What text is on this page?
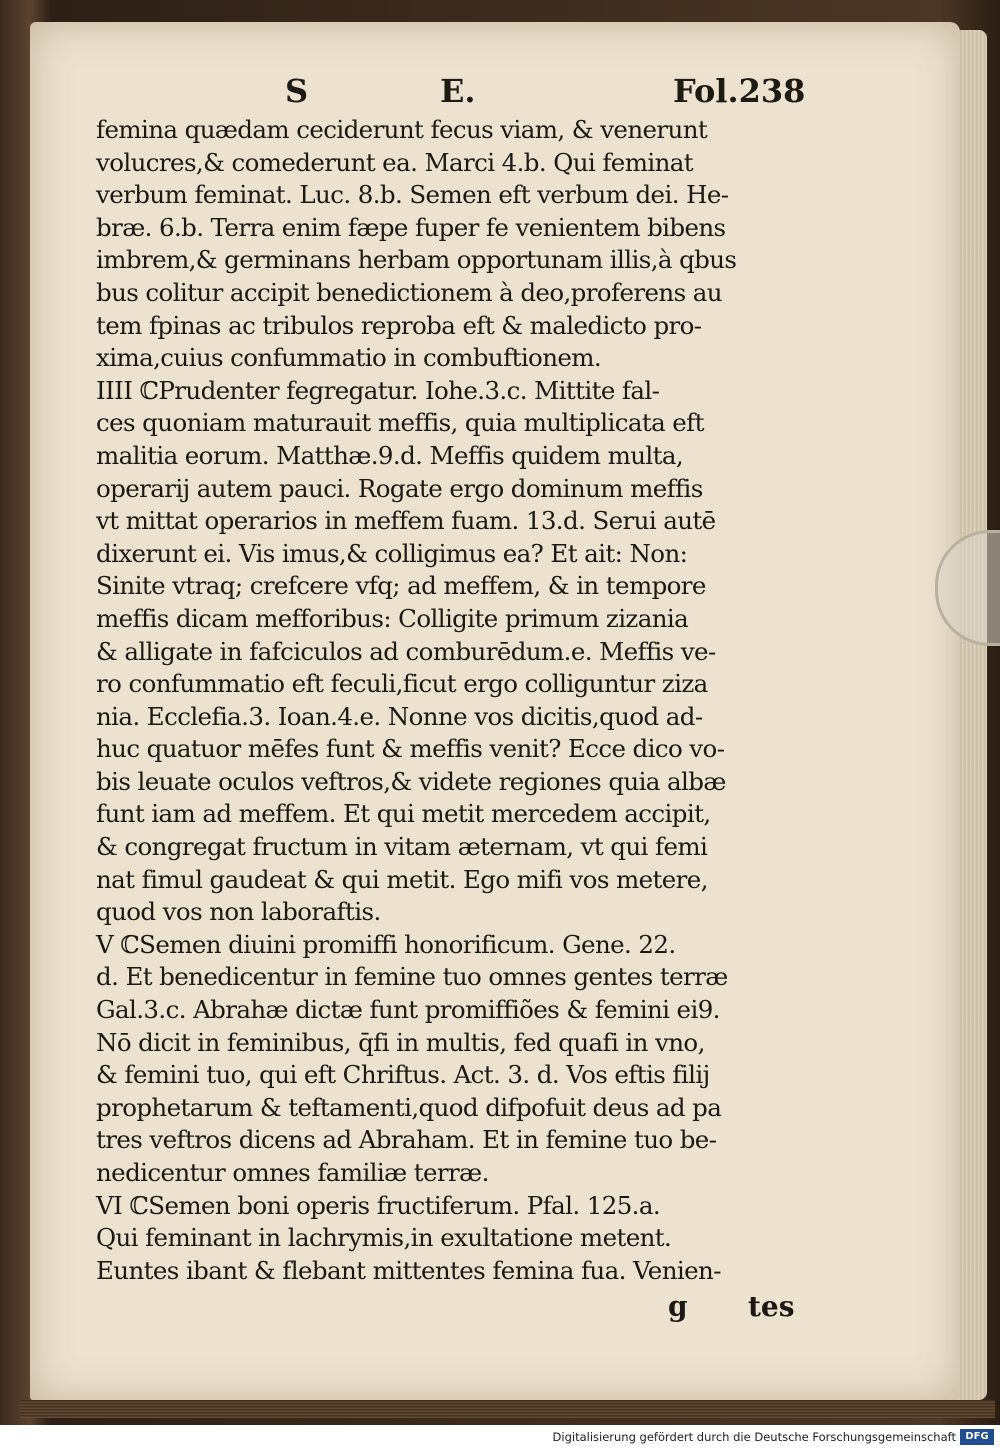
S	E.	Fol.238
femina quædam ceciderunt fecus viam, & venerunt
volucres,& comederunt ea. Marci 4.b. Qui feminat
verbum feminat. Luc. 8.b. Semen eft verbum dei. He-
bræ. 6.b. Terra enim fæpe fuper fe venientem bibens
imbrem,& germinans herbam opportunam illis,à qbus
bus colitur accipit benedictionem à deo,proferens au
tem fpinas ac tribulos reproba eft & maledicto pro-
xima,cuius confummatio in combuftionem.
IIII ℂPrudenter fegregatur. Iohe.3.c. Mittite fal-
ces quoniam maturauit meffis, quia multiplicata eft
malitia eorum. Matthæ.9.d. Meffis quidem multa,
operarij autem pauci. Rogate ergo dominum meffis
vt mittat operarios in meffem fuam. 13.d. Serui autē
dixerunt ei. Vis imus,& colligimus ea? Et ait: Non:
Sinite vtraq; crefcere vfq; ad meffem, & in tempore
meffis dicam mefforibus: Colligite primum zizania
& alligate in fafciculos ad comburēdum.e. Meffis ve-
ro confummatio eft feculi,ficut ergo colliguntur ziza
nia. Ecclefia.3. Ioan.4.e. Nonne vos dicitis,quod ad-
huc quatuor mēfes funt & meffis venit? Ecce dico vo-
bis leuate oculos veftros,& videte regiones quia albæ
funt iam ad meffem. Et qui metit mercedem accipit,
& congregat fructum in vitam æternam, vt qui femi
nat fimul gaudeat & qui metit. Ego mifi vos metere,
quod vos non laboraftis.
V ℂSemen diuini promiffi honorificum. Gene. 22.
d. Et benedicentur in femine tuo omnes gentes terræ
Gal.3.c. Abrahæ dictæ funt promiffiões & femini ei9.
Nō dicit in feminibus, q̄fi in multis, fed quafi in vno,
& femini tuo, qui eft Chriftus. Act. 3. d. Vos eftis filij
prophetarum & teftamenti,quod difpofuit deus ad pa
tres veftros dicens ad Abraham. Et in femine tuo be-
nedicentur omnes familiæ terræ.
VI ℂSemen boni operis fructiferum. Pfal. 125.a.
Qui feminant in lachrymis,in exultatione metent.
Euntes ibant & flebant mittentes femina fua. Venien-
g tes
Digitalisierung gefördert durch die Deutsche Forschungsgemeinschaft DFG
